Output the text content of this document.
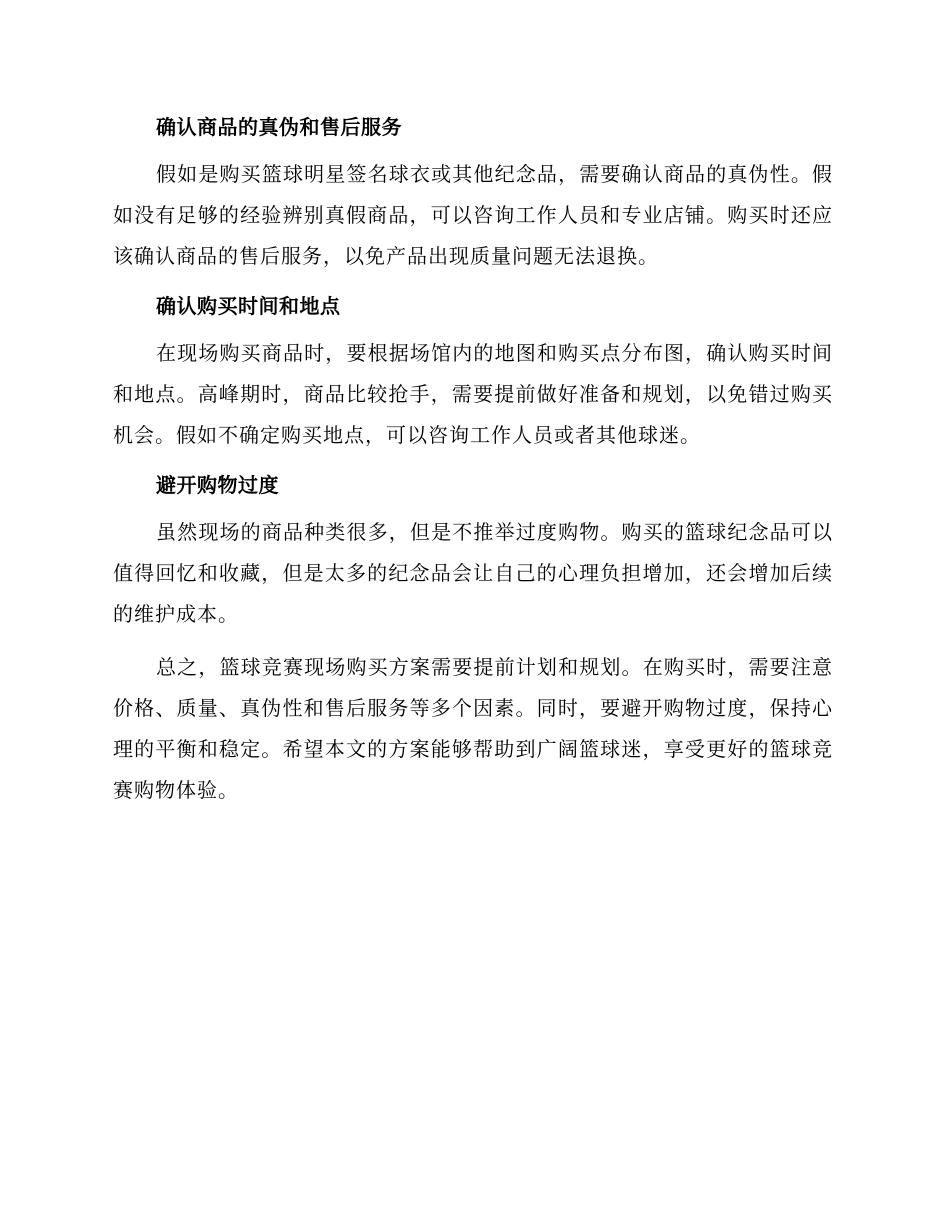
确认商品的真伪和售后服务

假如是购买篮球明星签名球衣或其他纪念品，需要确认商品的真伪性。假如没有足够的经验辨别真假商品，可以咨询工作人员和专业店铺。购买时还应该确认商品的售后服务，以免产品出现质量问题无法退换。

确认购买时间和地点

在现场购买商品时，要根据场馆内的地图和购买点分布图，确认购买时间和地点。高峰期时，商品比较抢手，需要提前做好准备和规划，以免错过购买机会。假如不确定购买地点，可以咨询工作人员或者其他球迷。

避开购物过度

虽然现场的商品种类很多，但是不推举过度购物。购买的篮球纪念品可以值得回忆和收藏，但是太多的纪念品会让自己的心理负担增加，还会增加后续的维护成本。

总之，篮球竞赛现场购买方案需要提前计划和规划。在购买时，需要注意价格、质量、真伪性和售后服务等多个因素。同时，要避开购物过度，保持心理的平衡和稳定。希望本文的方案能够帮助到广阔篮球迷，享受更好的篮球竞赛购物体验。
